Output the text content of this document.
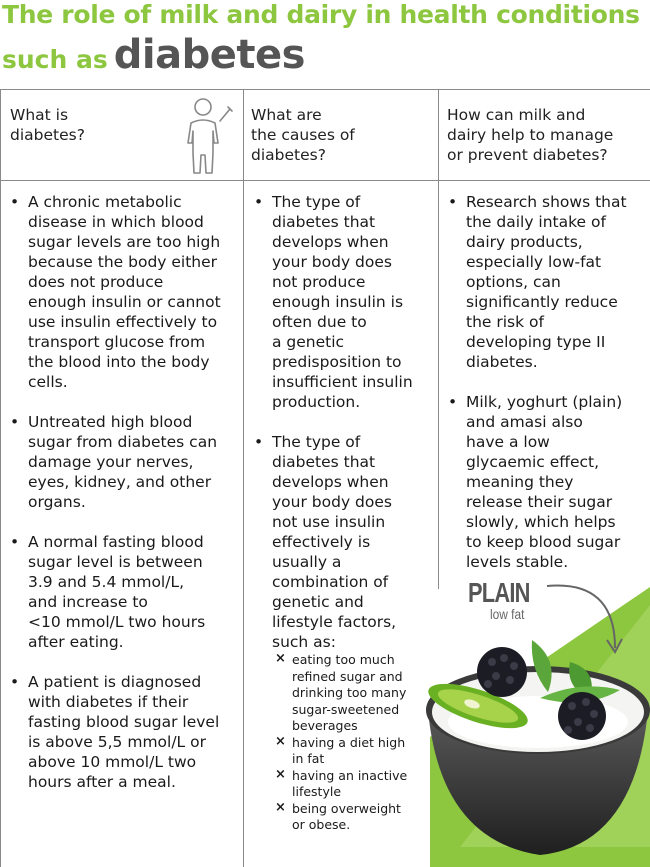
The role of milk and dairy in health conditions
such as diabetes
What is
diabetes?
What are
the causes of
diabetes?
How can milk and
dairy help to manage
or prevent diabetes?
• A chronic metabolic
disease in which blood
sugar levels are too high
because the body either
does not produce
enough insulin or cannot
use insulin effectively to
transport glucose from
the blood into the body
cells.
• Untreated high blood
sugar from diabetes can
damage your nerves,
eyes, kidney, and other
organs.
• A normal fasting blood
sugar level is between
3.9 and 5.4 mmol/L,
and increase to
<10 mmol/L two hours
after eating.
• A patient is diagnosed
with diabetes if their
fasting blood sugar level
is above 5,5 mmol/L or
above 10 mmol/L two
hours after a meal.
• The type of
diabetes that
develops when
your body does
not produce
enough insulin is
often due to
a genetic
predisposition to
insufficient insulin
production.
• The type of
diabetes that
develops when
your body does
not use insulin
effectively is
usually a
combination of
genetic and
lifestyle factors,
such as:
× eating too much
refined sugar and
drinking too many
sugar-sweetened
beverages
× having a diet high
in fat
× having an inactive
lifestyle
× being overweight
or obese.
• Research shows that
the daily intake of
dairy products,
especially low-fat
options, can
significantly reduce
the risk of
developing type II
diabetes.
• Milk, yoghurt (plain)
and amasi also
have a low
glycaemic effect,
meaning they
release their sugar
slowly, which helps
to keep blood sugar
levels stable.
PLAIN
low fat
